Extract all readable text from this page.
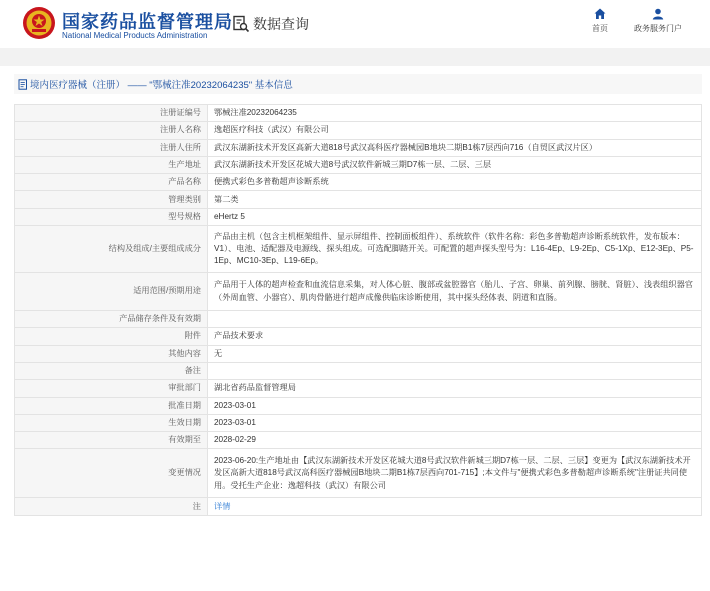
国家药品监督管理局
National Medical Products Administration
数据查询	首页	政务服务门户
境内医疗器械（注册） —— "鄂械注准20232064235" 基本信息
注册证编号	鄂械注准20232064235
注册人名称	逸超医疗科技（武汉）有限公司
注册人住所	武汉东湖新技术开发区高新大道818号武汉高科医疗器械园B地块二期B1栋7层西向716（自贸区武汉片区）
生产地址	武汉东湖新技术开发区花城大道8号武汉软件新城三期D7栋一层、二层、三层
产品名称	便携式彩色多普勒超声诊断系统
管理类别	第二类
型号规格	eHertz 5
结构及组成/主要组成成分	产品由主机（包含主机框架组件、显示屏组件、控制面板组件）、系统软件（软件名称：彩色多普勒超声诊断系统软件，发布版本：V1）、电池、适配器及电源线、探头组成。可选配脚踏开关。可配置的超声探头型号为：L16-4Ep、L9-2Ep、C5-1Xp、E12-3Ep、P5-1Ep、MC10-3Ep、L19-6Ep。
适用范围/预期用途	产品用于人体的超声检查和血流信息采集，对人体心脏、腹部或盆腔器官（胎儿、子宫、卵巢、前列腺、膀胱、肾脏）、浅表组织器官（外周血管、小器官）、肌肉骨骼进行超声成像供临床诊断使用，其中探头经体表、阴道和直肠。
产品储存条件及有效期	
附件	产品技术要求
其他内容	无
备注	
审批部门	湖北省药品监督管理局
批准日期	2023-03-01
生效日期	2023-03-01
有效期至	2028-02-29
变更情况	2023-06-20:生产地址由【武汉东湖新技术开发区花城大道8号武汉软件新城三期D7栋一层、二层、三层】变更为【武汉东湖新技术开发区高新大道818号武汉高科医疗器械园B地块二期B1栋7层西向701-715】;本文件与"便携式彩色多普勒超声诊断系统"注册证共同使用。受托生产企业：逸超科技（武汉）有限公司
注	详情
